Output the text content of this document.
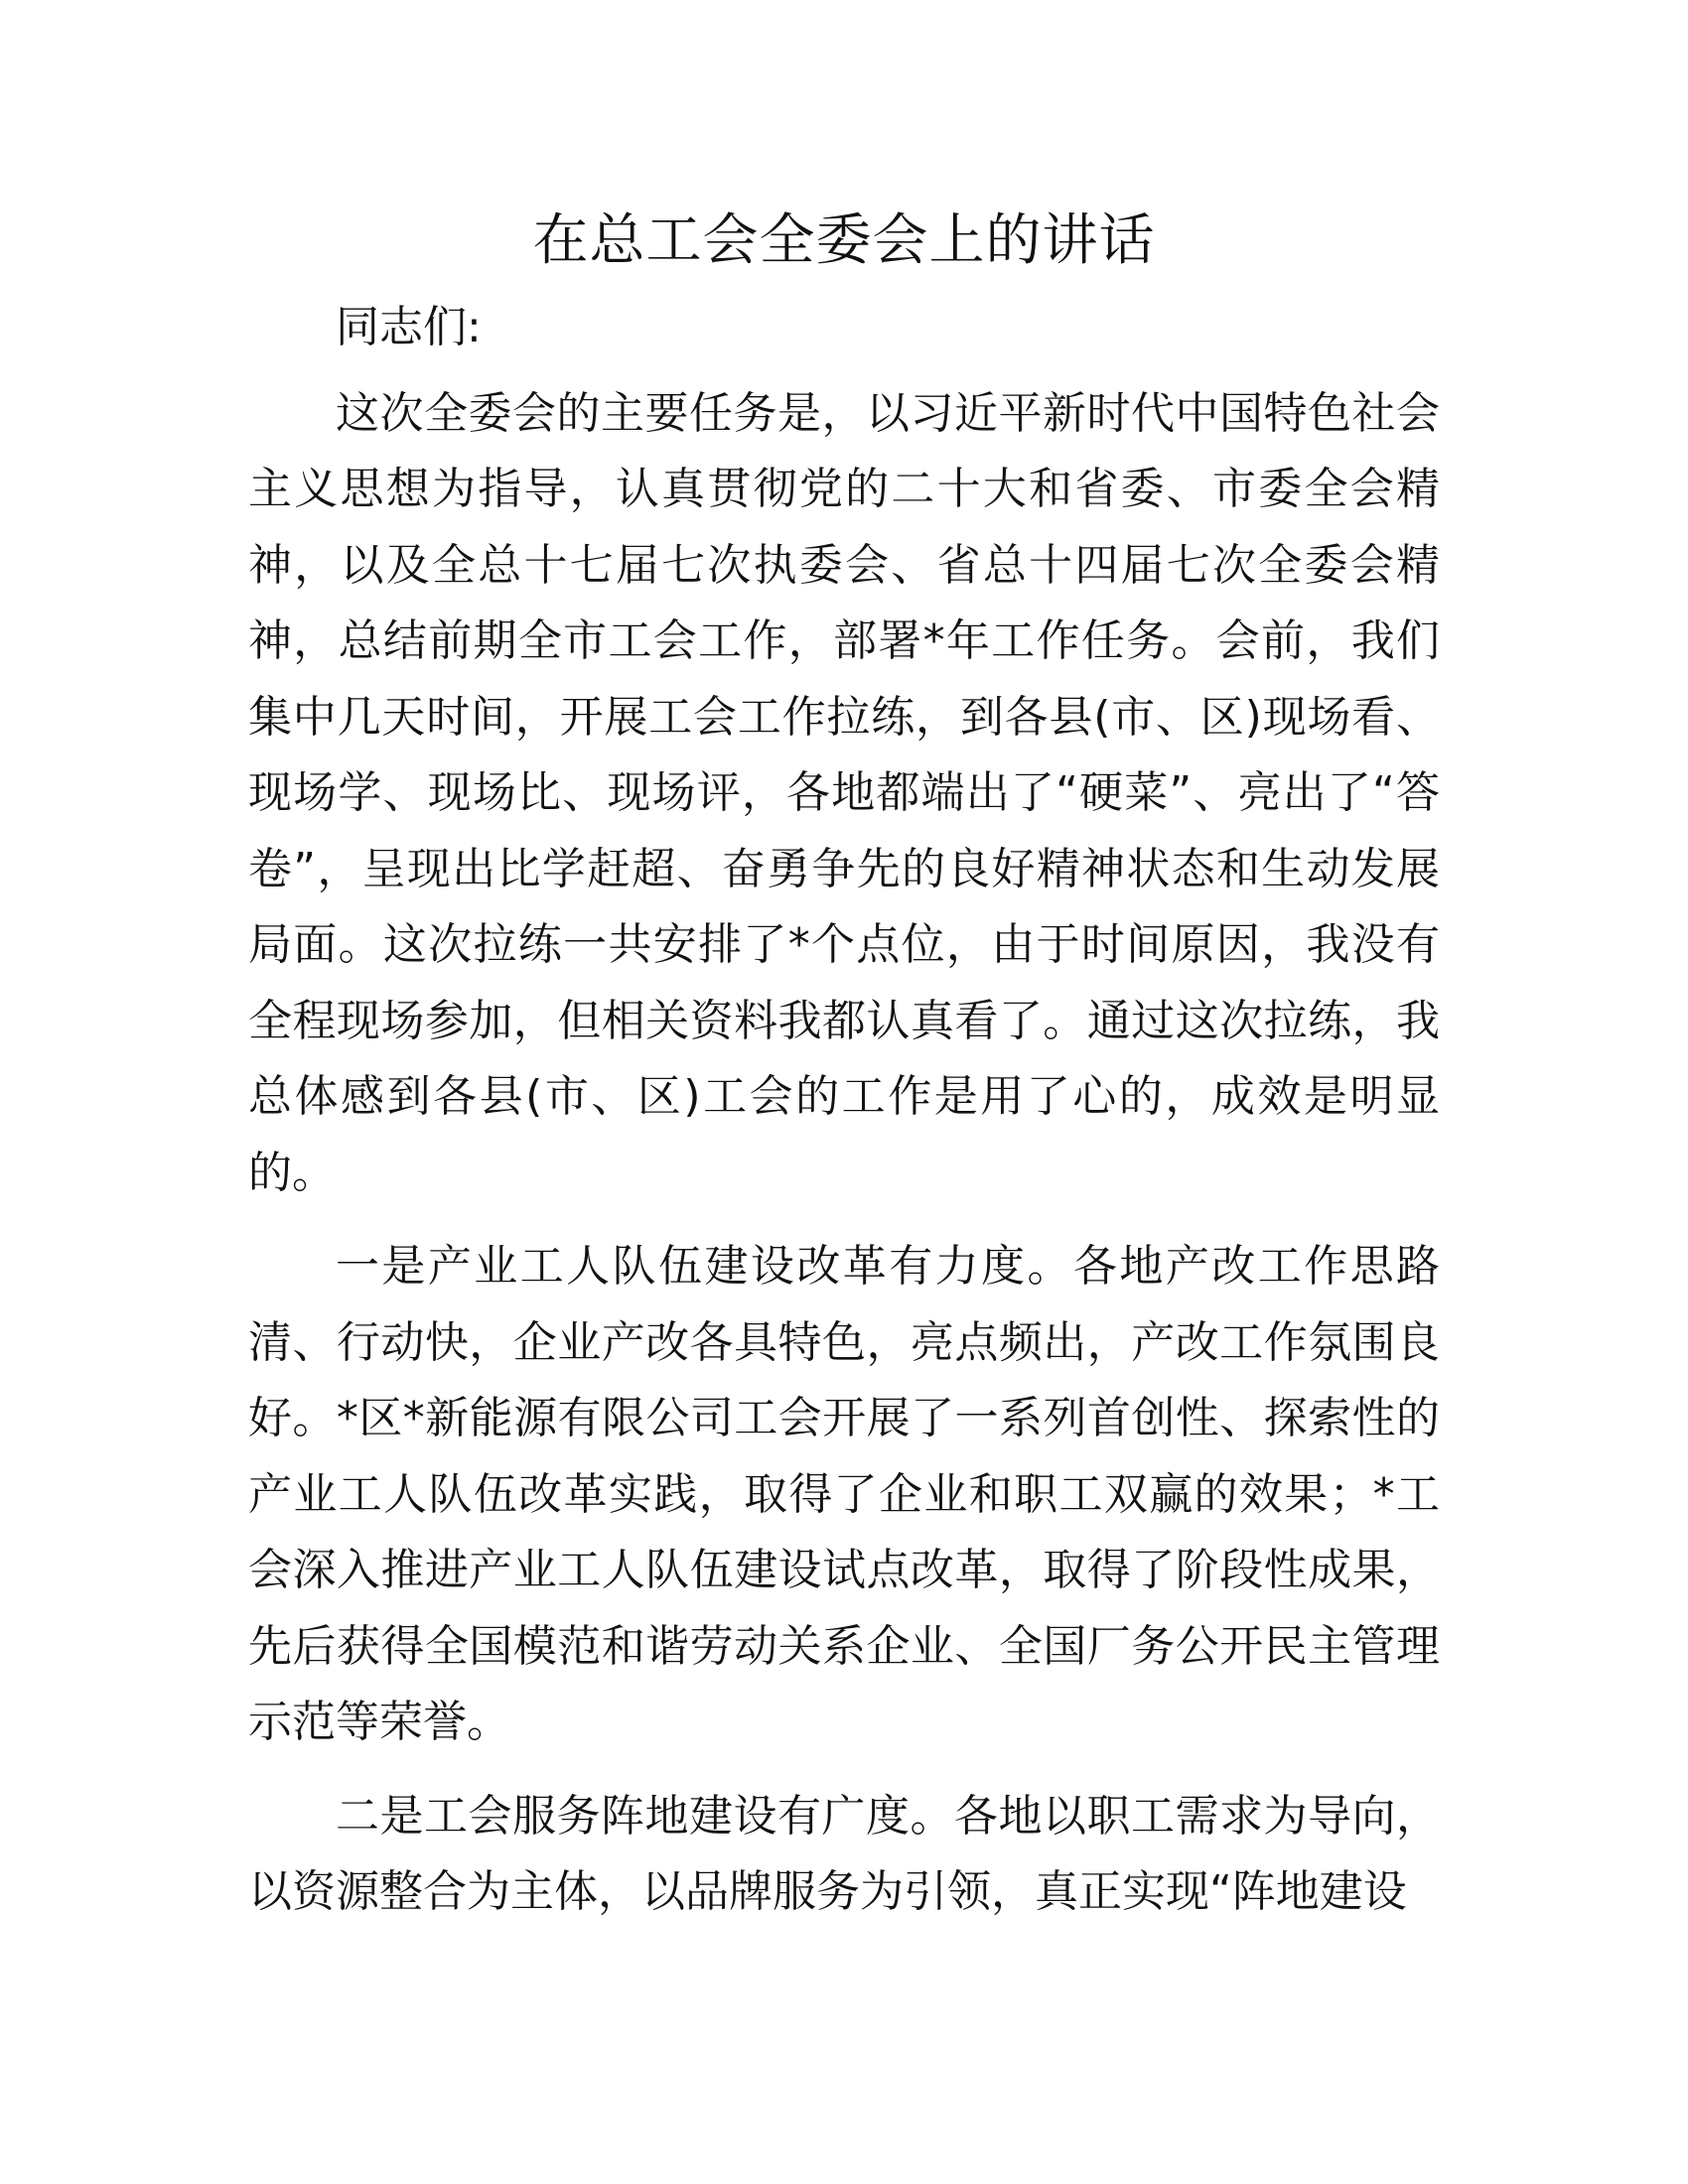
在总工会全委会上的讲话

同志们:

这次全委会的主要任务是，以习近平新时代中国特色社会主义思想为指导，认真贯彻党的二十大和省委、市委全会精神，以及全总十七届七次执委会、省总十四届七次全委会精神，总结前期全市工会工作，部署*年工作任务。会前，我们集中几天时间，开展工会工作拉练，到各县(市、区)现场看、现场学、现场比、现场评，各地都端出了“硬菜”、亮出了“答卷”，呈现出比学赶超、奋勇争先的良好精神状态和生动发展局面。这次拉练一共安排了*个点位，由于时间原因，我没有全程现场参加，但相关资料我都认真看了。通过这次拉练，我总体感到各县(市、区)工会的工作是用了心的，成效是明显的。

一是产业工人队伍建设改革有力度。各地产改工作思路清、行动快，企业产改各具特色，亮点频出，产改工作氛围良好。*区*新能源有限公司工会开展了一系列首创性、探索性的产业工人队伍改革实践，取得了企业和职工双赢的效果；*工会深入推进产业工人队伍建设试点改革，取得了阶段性成果，先后获得全国模范和谐劳动关系企业、全国厂务公开民主管理示范等荣誉。

二是工会服务阵地建设有广度。各地以职工需求为导向，以资源整合为主体，以品牌服务为引领，真正实现“阵地建设
